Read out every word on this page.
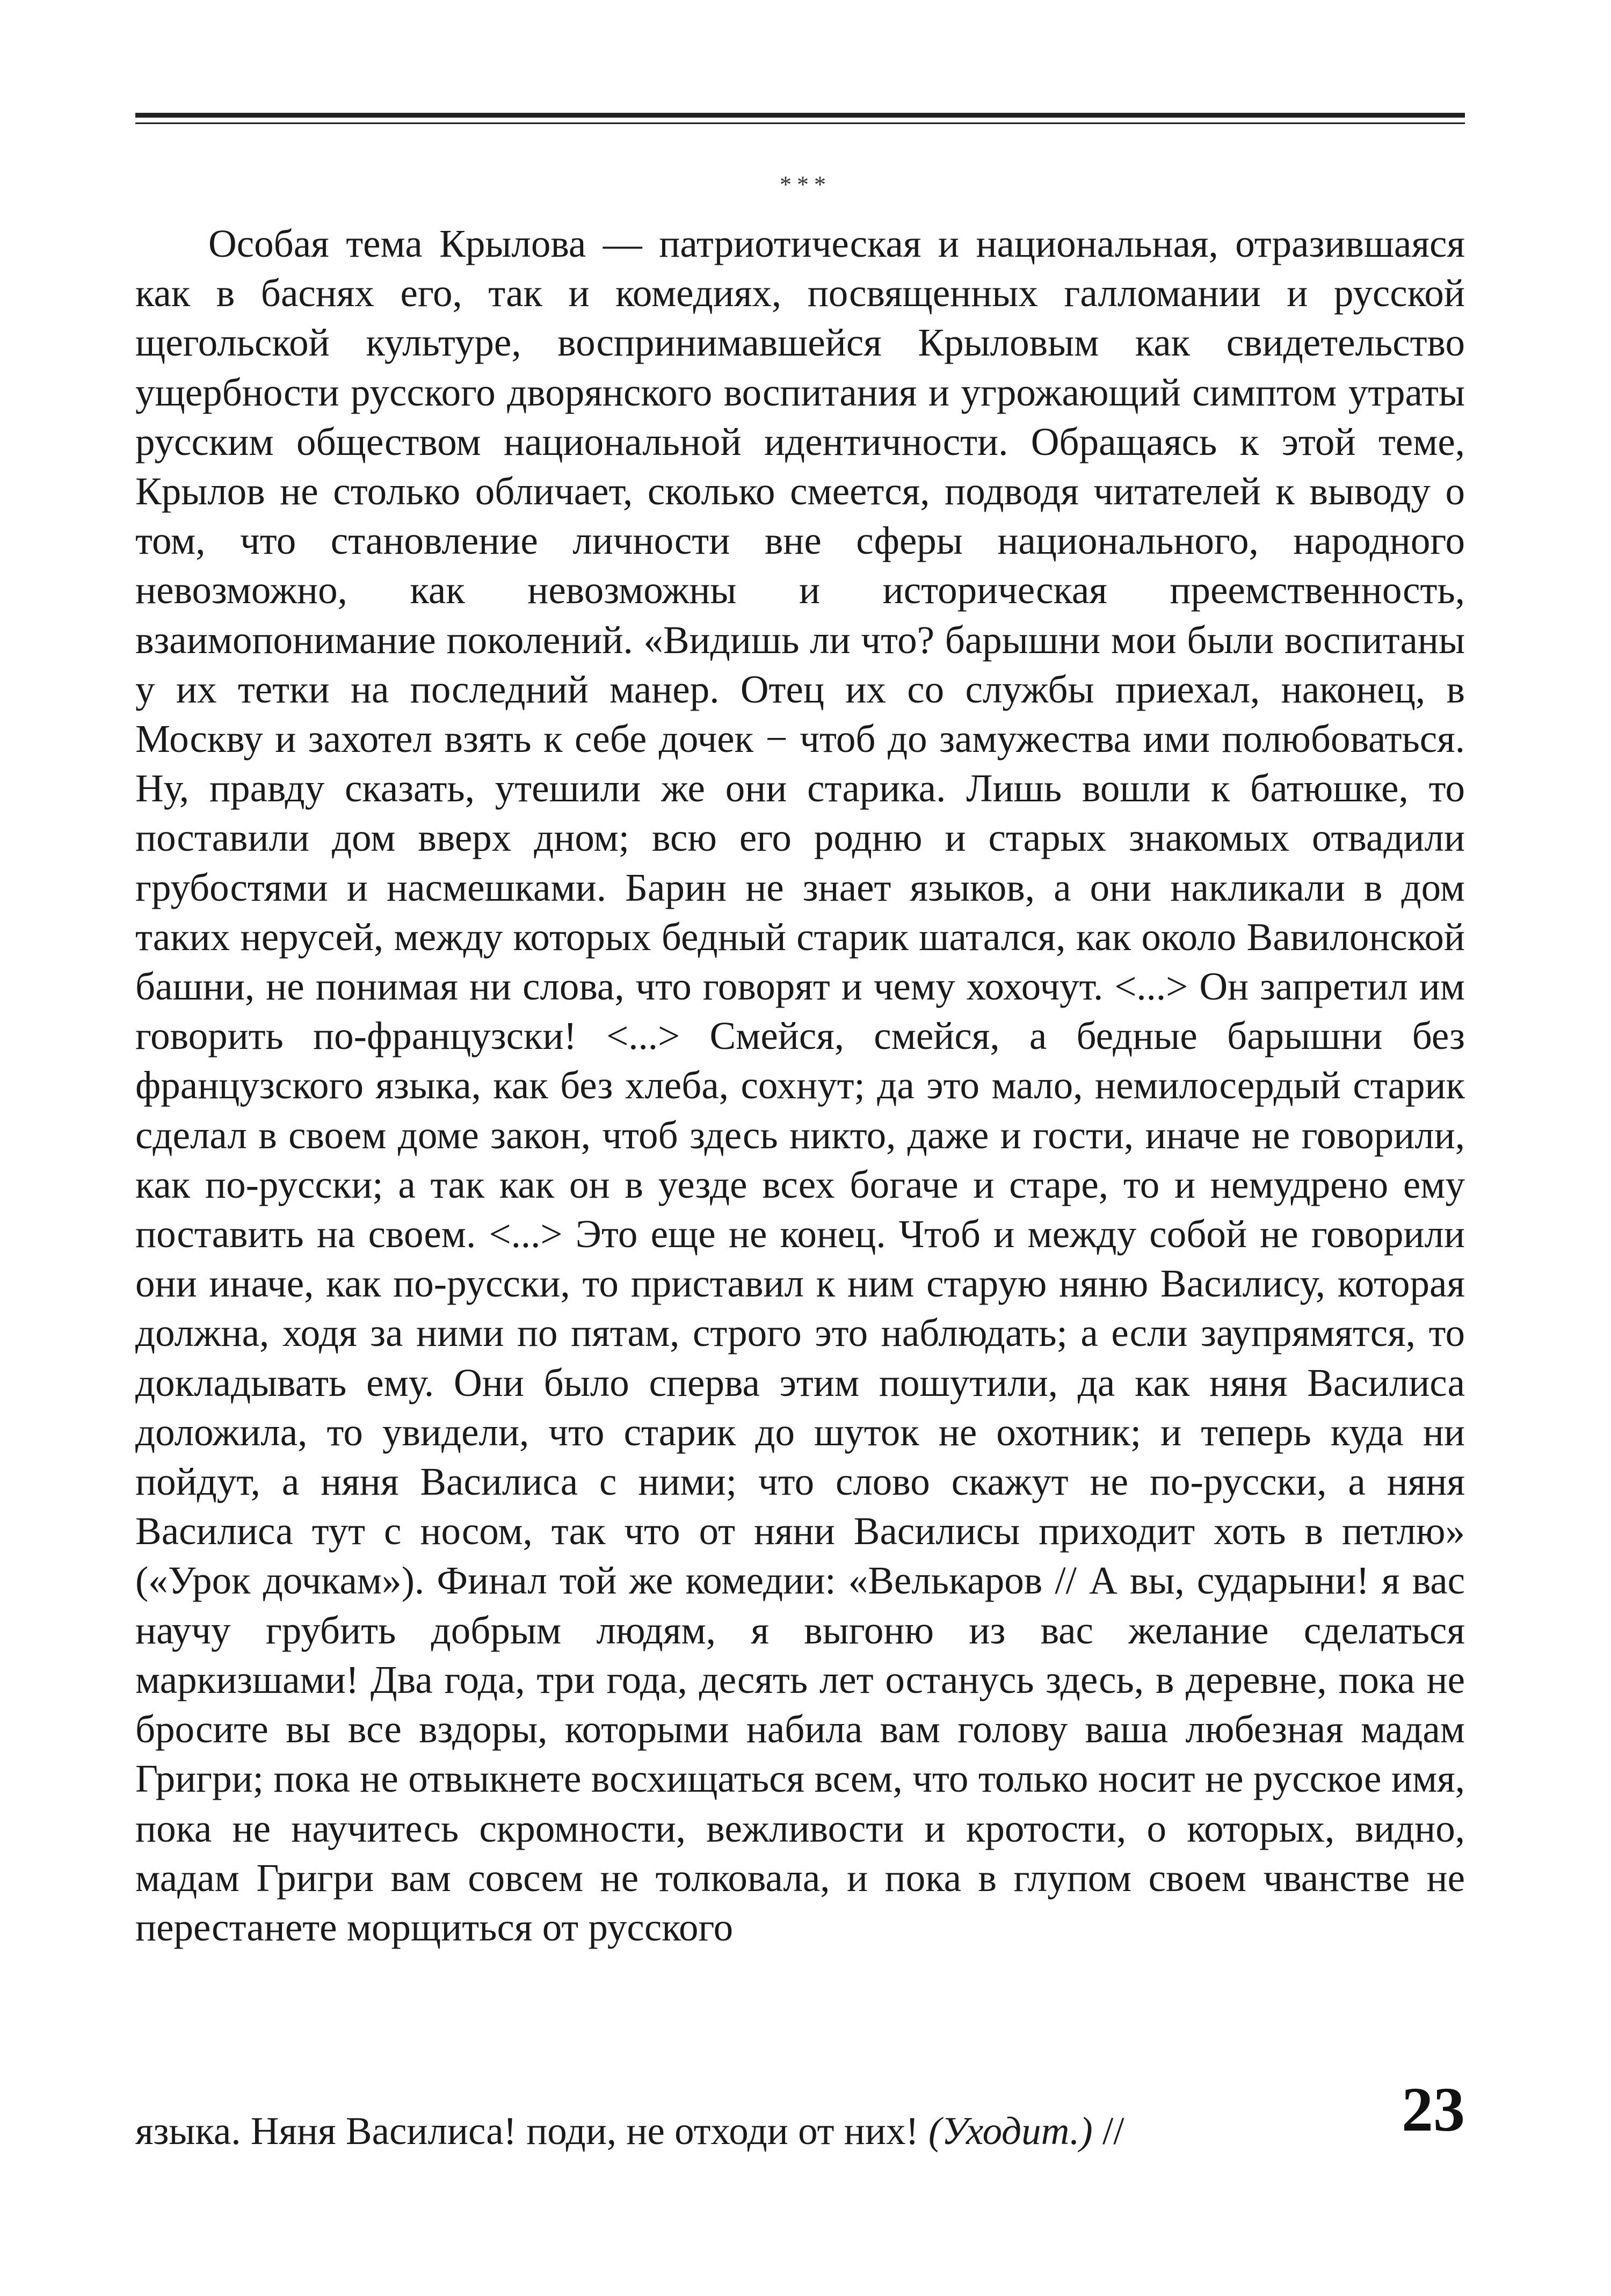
***

Особая тема Крылова — патриотическая и национальная, отразившаяся как в баснях его, так и комедиях, посвященных галломании и русской щегольской культуре, воспринимавшейся Крыловым как свидетельство ущербности русского дворянского воспитания и угрожающий симптом утраты русским обществом национальной идентичности. Обращаясь к этой теме, Крылов не столько обличает, сколько смеется, подводя читателей к выводу о том, что становление личности вне сферы национального, народного невозможно, как невозможны и историческая преемственность, взаимопонимание поколений. «Видишь ли что? барышни мои были воспитаны у их тетки на последний манер. Отец их со службы приехал, наконец, в Москву и захотел взять к себе дочек − чтоб до замужества ими полюбоваться. Ну, правду сказать, утешили же они старика. Лишь вошли к батюшке, то поставили дом вверх дном; всю его родню и старых знакомых отвадили грубостями и насмешками. Барин не знает языков, а они накликали в дом таких нерусей, между которых бедный старик шатался, как около Вавилонской башни, не понимая ни слова, что говорят и чему хохочут. <...> Он запретил им говорить по-французски! <...> Смейся, смейся, а бедные барышни без французского языка, как без хлеба, сохнут; да это мало, немилосердый старик сделал в своем доме закон, чтоб здесь никто, даже и гости, иначе не говорили, как по-русски; а так как он в уезде всех богаче и старе, то и немудрено ему поставить на своем. <...> Это еще не конец. Чтоб и между собой не говорили они иначе, как по-русски, то приставил к ним старую няню Василису, которая должна, ходя за ними по пятам, строго это наблюдать; а если заупрямятся, то докладывать ему. Они было сперва этим пошутили, да как няня Василиса доложила, то увидели, что старик до шуток не охотник; и теперь куда ни пойдут, а няня Василиса с ними; что слово скажут не по-русски, а няня Василиса тут с носом, так что от няни Василисы приходит хоть в петлю» («Урок дочкам»). Финал той же комедии: «Велькаров // А вы, сударыни! я вас научу грубить добрым людям, я выгоню из вас желание сделаться маркизшами! Два года, три года, десять лет останусь здесь, в деревне, пока не бросите вы все вздоры, которыми набила вам голову ваша любезная мадам Григри; пока не отвыкнете восхищаться всем, что только носит не русское имя, пока не научитесь скромности, вежливости и кротости, о которых, видно, мадам Григри вам совсем не толковала, и пока в глупом своем чванстве не перестанете морщиться от русского

языка. Няня Василиса! поди, не отходи от них! (Уходит.) //	23
